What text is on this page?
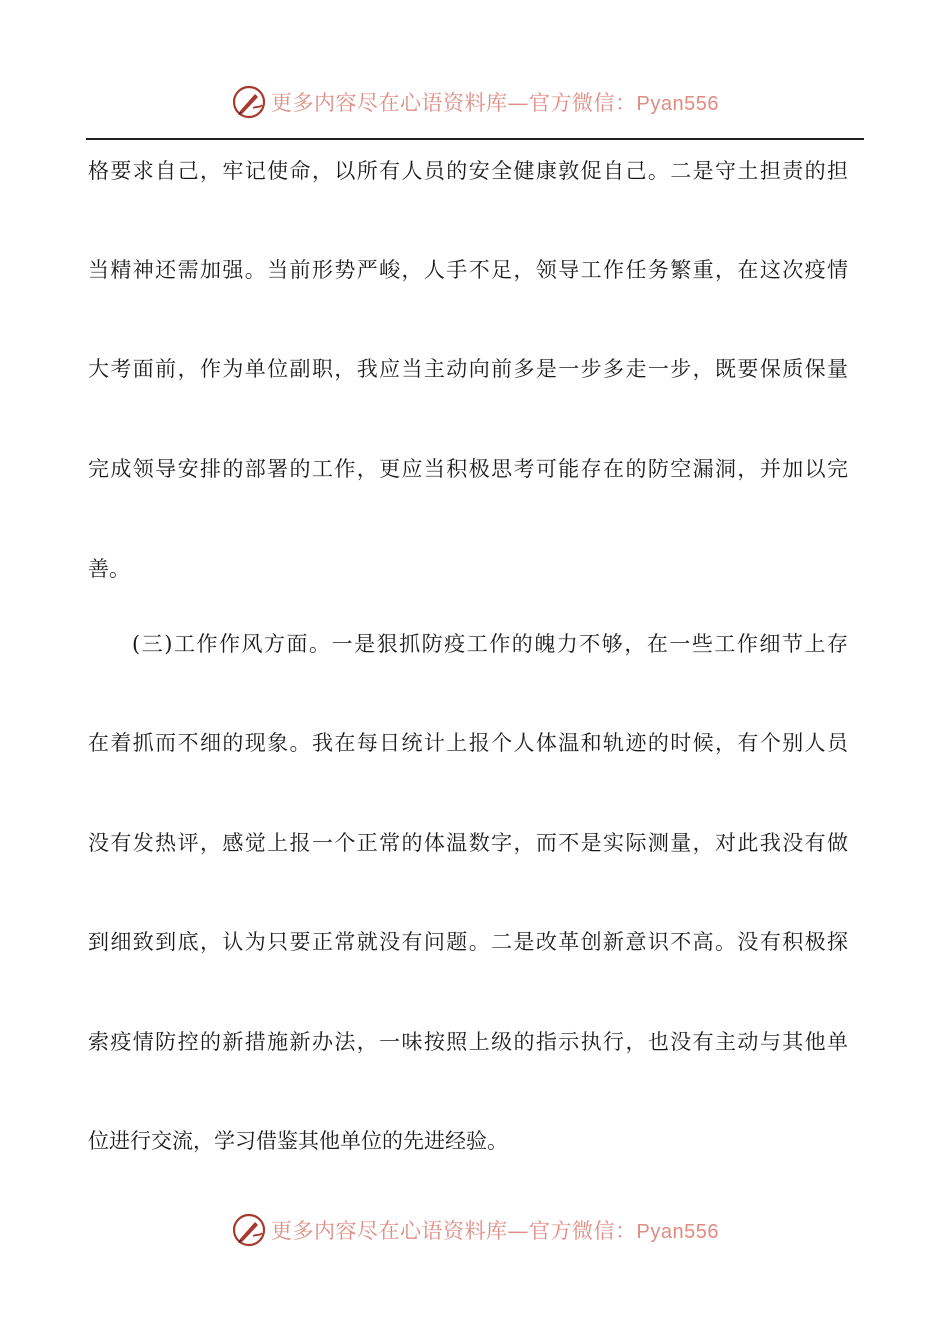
更多内容尽在心语资料库—官方微信：Pyan556
格要求自己，牢记使命，以所有人员的安全健康敦促自己。二是守土担责的担
当精神还需加强。当前形势严峻，人手不足，领导工作任务繁重，在这次疫情
大考面前，作为单位副职，我应当主动向前多是一步多走一步，既要保质保量
完成领导安排的部署的工作，更应当积极思考可能存在的防空漏洞，并加以完
善。
(三)工作作风方面。一是狠抓防疫工作的魄力不够，在一些工作细节上存
在着抓而不细的现象。我在每日统计上报个人体温和轨迹的时候，有个别人员
没有发热评，感觉上报一个正常的体温数字，而不是实际测量，对此我没有做
到细致到底，认为只要正常就没有问题。二是改革创新意识不高。没有积极探
索疫情防控的新措施新办法，一味按照上级的指示执行，也没有主动与其他单
位进行交流，学习借鉴其他单位的先进经验。
更多内容尽在心语资料库—官方微信：Pyan556
